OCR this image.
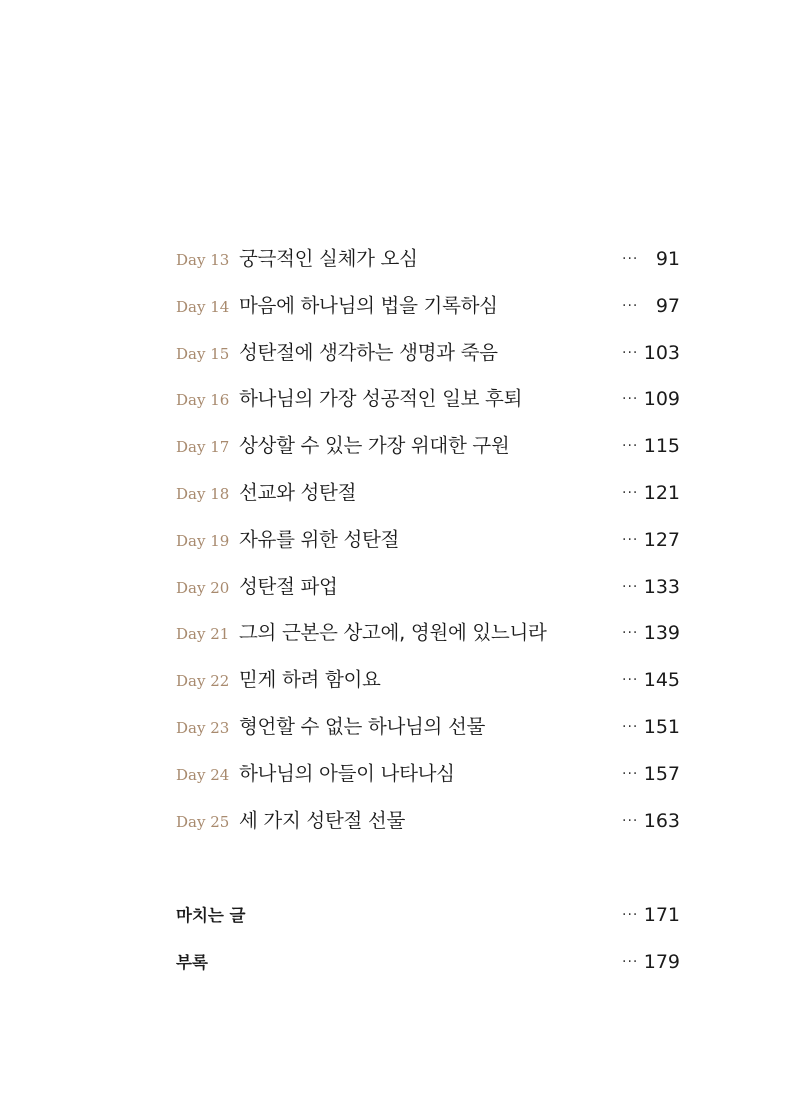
Day 13 궁극적인 실체가 오심	··· 91
Day 14 마음에 하나님의 법을 기록하심	··· 97
Day 15 성탄절에 생각하는 생명과 죽음	··· 103
Day 16 하나님의 가장 성공적인 일보 후퇴	··· 109
Day 17 상상할 수 있는 가장 위대한 구원	··· 115
Day 18 선교와 성탄절	··· 121
Day 19 자유를 위한 성탄절	··· 127
Day 20 성탄절 파업	··· 133
Day 21 그의 근본은 상고에, 영원에 있느니라	··· 139
Day 22 믿게 하려 함이요	··· 145
Day 23 형언할 수 없는 하나님의 선물	··· 151
Day 24 하나님의 아들이 나타나심	··· 157
Day 25 세 가지 성탄절 선물	··· 163
마치는 글	··· 171
부록	··· 179
